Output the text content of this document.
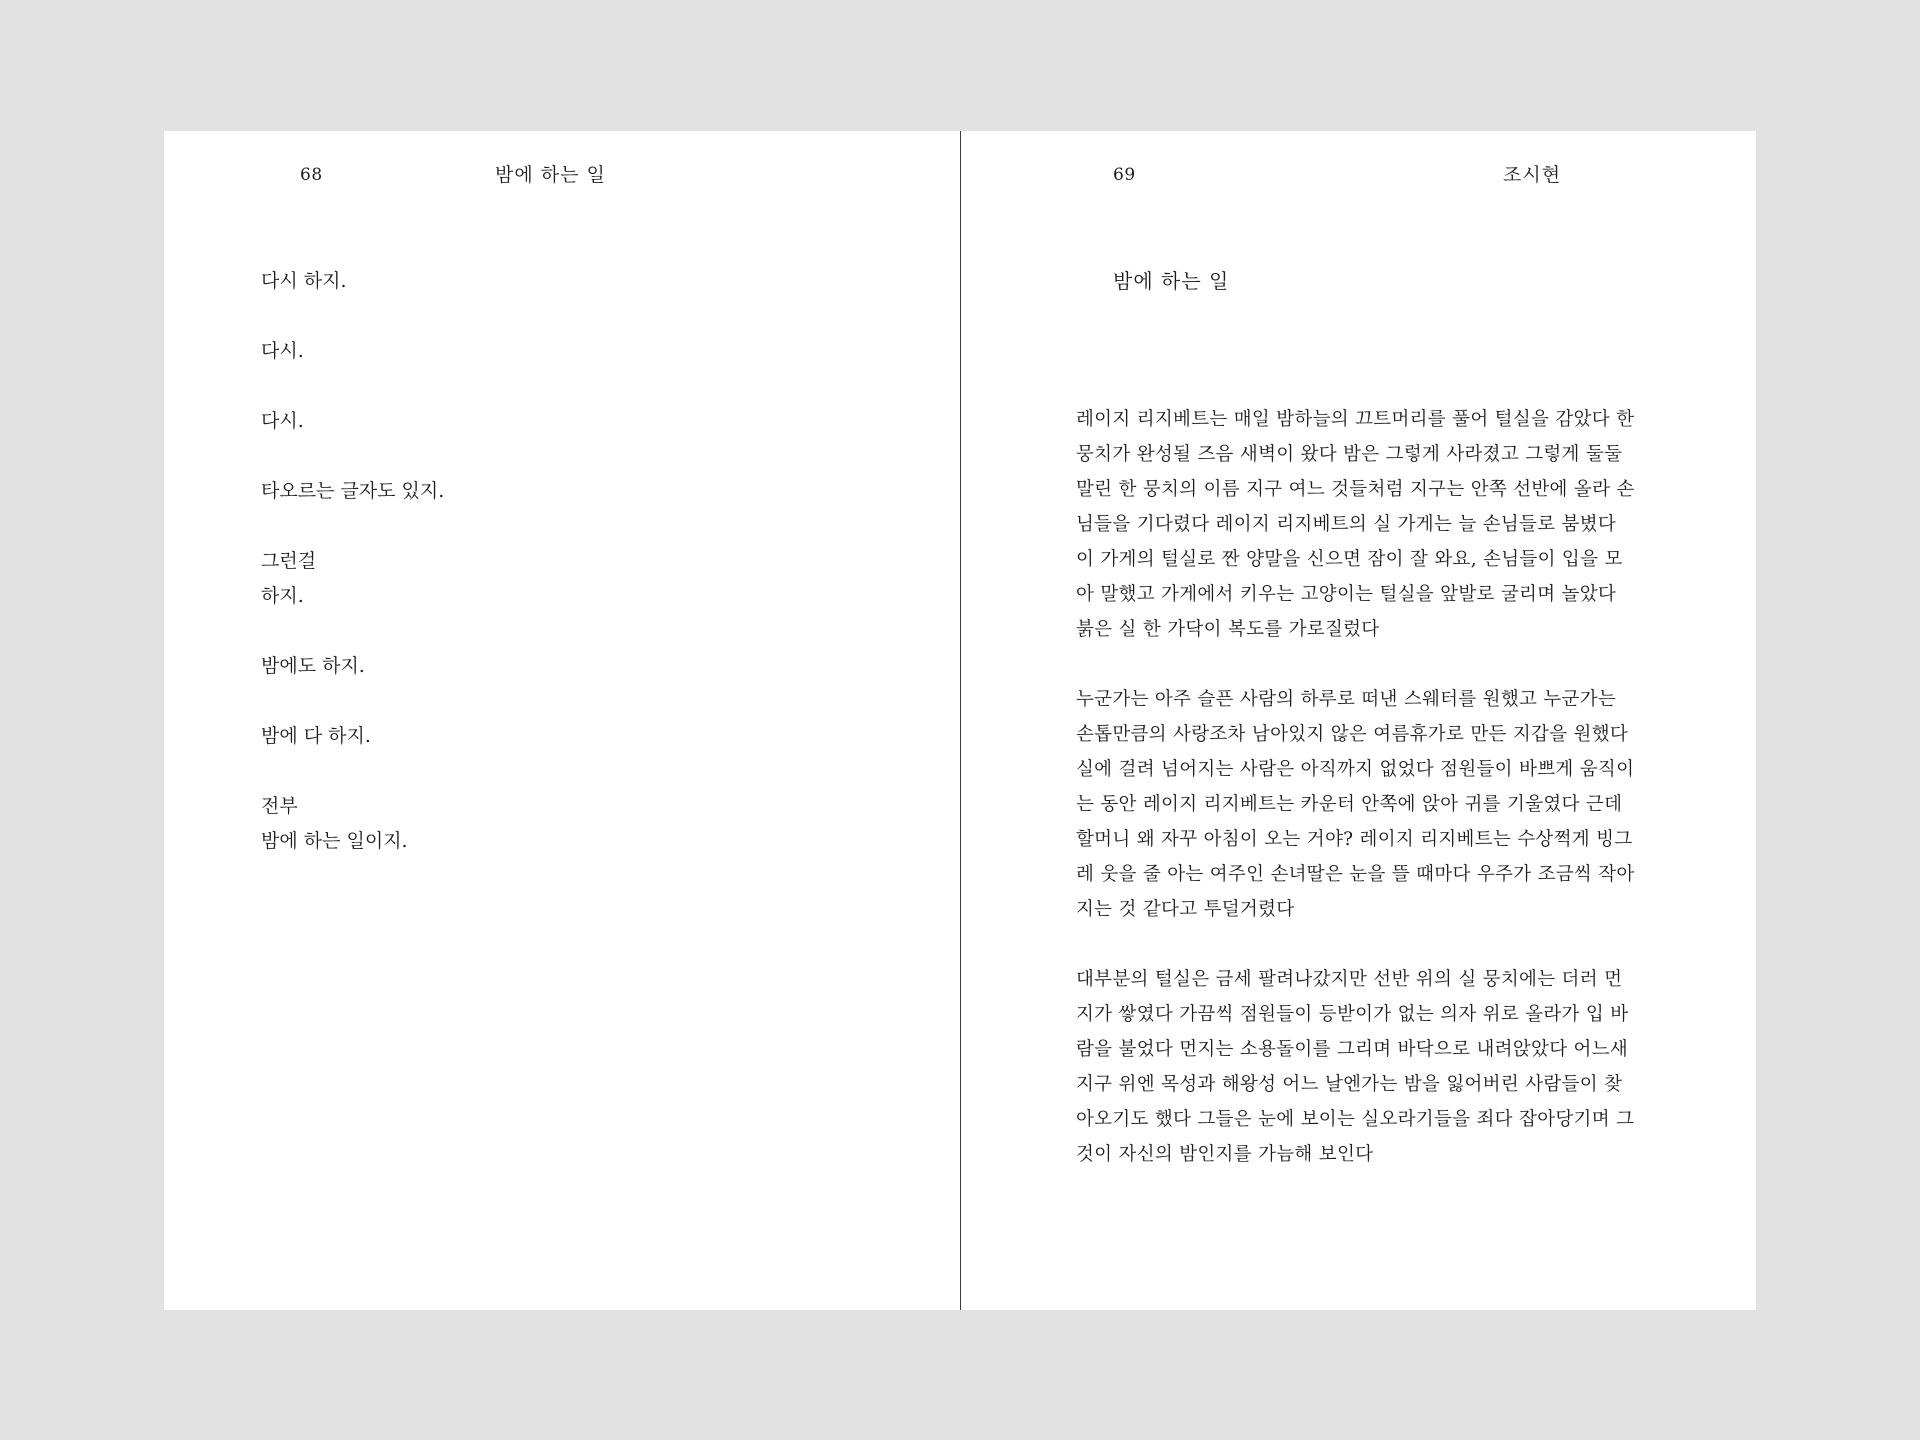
68	밤에 하는 일

다시 하지.

다시.

다시.

타오르는 글자도 있지.

그런걸

하지.

밤에도 하지.

밤에 다 하지.

전부

밤에 하는 일이지.

69	조시현
밤에 하는 일

레이지 리지베트는 매일 밤하늘의 끄트머리를 풀어 털실을 감았다 한

뭉치가 완성될 즈음 새벽이 왔다 밤은 그렇게 사라졌고 그렇게 둘둘

말린 한 뭉치의 이름 지구 여느 것들처럼 지구는 안쪽 선반에 올라 손

님들을 기다렸다 레이지 리지베트의 실 가게는 늘 손님들로 붐볐다

이 가게의 털실로 짠 양말을 신으면 잠이 잘 와요, 손님들이 입을 모

아 말했고 가게에서 키우는 고양이는 털실을 앞발로 굴리며 놀았다

붉은 실 한 가닥이 복도를 가로질렀다

누군가는 아주 슬픈 사람의 하루로 떠낸 스웨터를 원했고 누군가는

손톱만큼의 사랑조차 남아있지 않은 여름휴가로 만든 지갑을 원했다

실에 걸려 넘어지는 사람은 아직까지 없었다 점원들이 바쁘게 움직이

는 동안 레이지 리지베트는 카운터 안쪽에 앉아 귀를 기울였다 근데

할머니 왜 자꾸 아침이 오는 거야? 레이지 리지베트는 수상쩍게 빙그

레 웃을 줄 아는 여주인 손녀딸은 눈을 뜰 때마다 우주가 조금씩 작아

지는 것 같다고 투덜거렸다

대부분의 털실은 금세 팔려나갔지만 선반 위의 실 뭉치에는 더러 먼

지가 쌓였다 가끔씩 점원들이 등받이가 없는 의자 위로 올라가 입 바

람을 불었다 먼지는 소용돌이를 그리며 바닥으로 내려앉았다 어느새

지구 위엔 목성과 해왕성 어느 날엔가는 밤을 잃어버린 사람들이 찾

아오기도 했다 그들은 눈에 보이는 실오라기들을 죄다 잡아당기며 그

것이 자신의 밤인지를 가늠해 보인다
